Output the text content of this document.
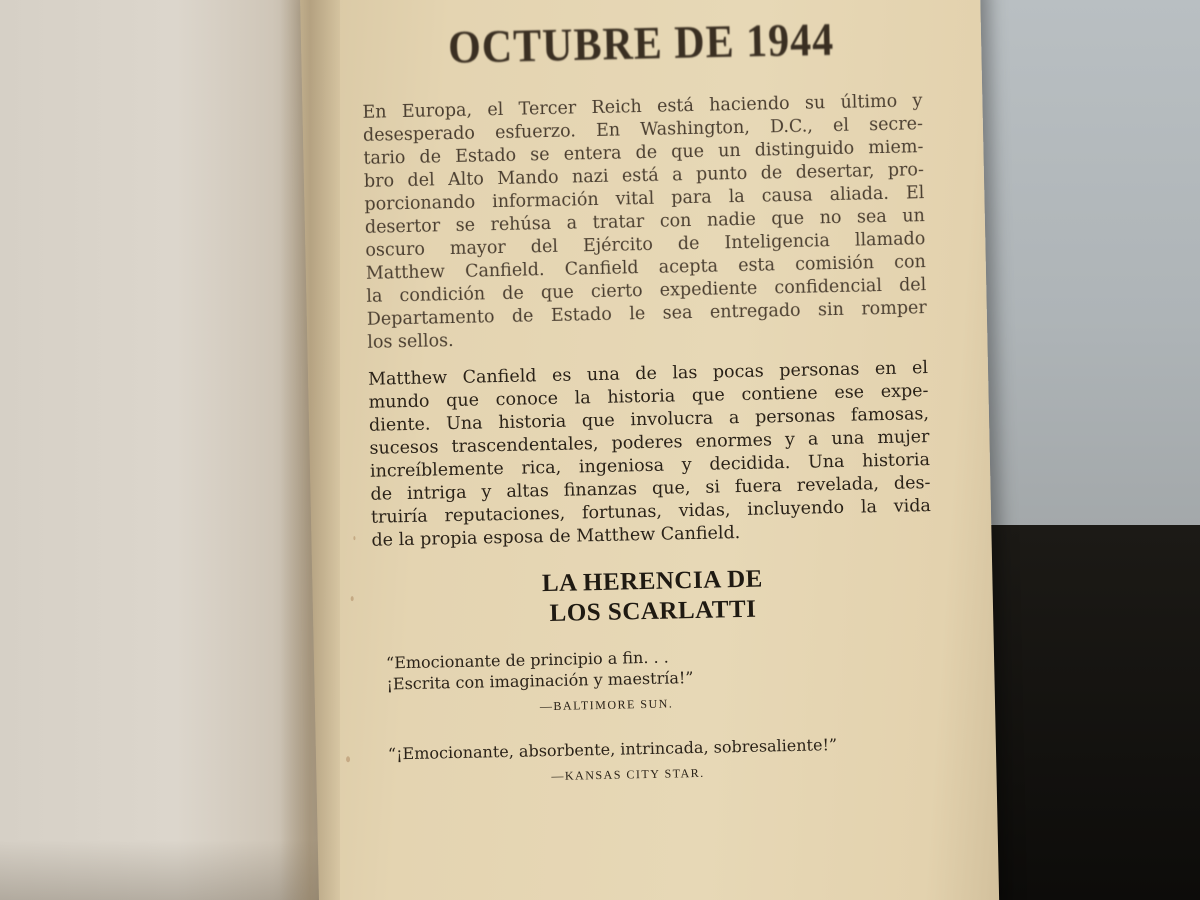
OCTUBRE DE 1944

En Europa, el Tercer Reich está haciendo su último y
desesperado esfuerzo. En Washington, D.C., el secre-
tario de Estado se entera de que un distinguido miem-
bro del Alto Mando nazi está a punto de desertar, pro-
porcionando información vital para la causa aliada. El
desertor se rehúsa a tratar con nadie que no sea un
oscuro mayor del Ejército de Inteligencia llamado
Matthew Canfield. Canfield acepta esta comisión con
la condición de que cierto expediente confidencial del
Departamento de Estado le sea entregado sin romper
los sellos.

Matthew Canfield es una de las pocas personas en el
mundo que conoce la historia que contiene ese expe-
diente. Una historia que involucra a personas famosas,
sucesos trascendentales, poderes enormes y a una mujer
increíblemente rica, ingeniosa y decidida. Una historia
de intriga y altas finanzas que, si fuera revelada, des-
truiría reputaciones, fortunas, vidas, incluyendo la vida
de la propia esposa de Matthew Canfield.

LA HERENCIA DE
LOS SCARLATTI
“Emocionante de principio a fin. . .
¡Escrita con imaginación y maestría!”
—BALTIMORE SUN.
“¡Emocionante, absorbente, intrincada, sobresaliente!”
—KANSAS CITY STAR.
